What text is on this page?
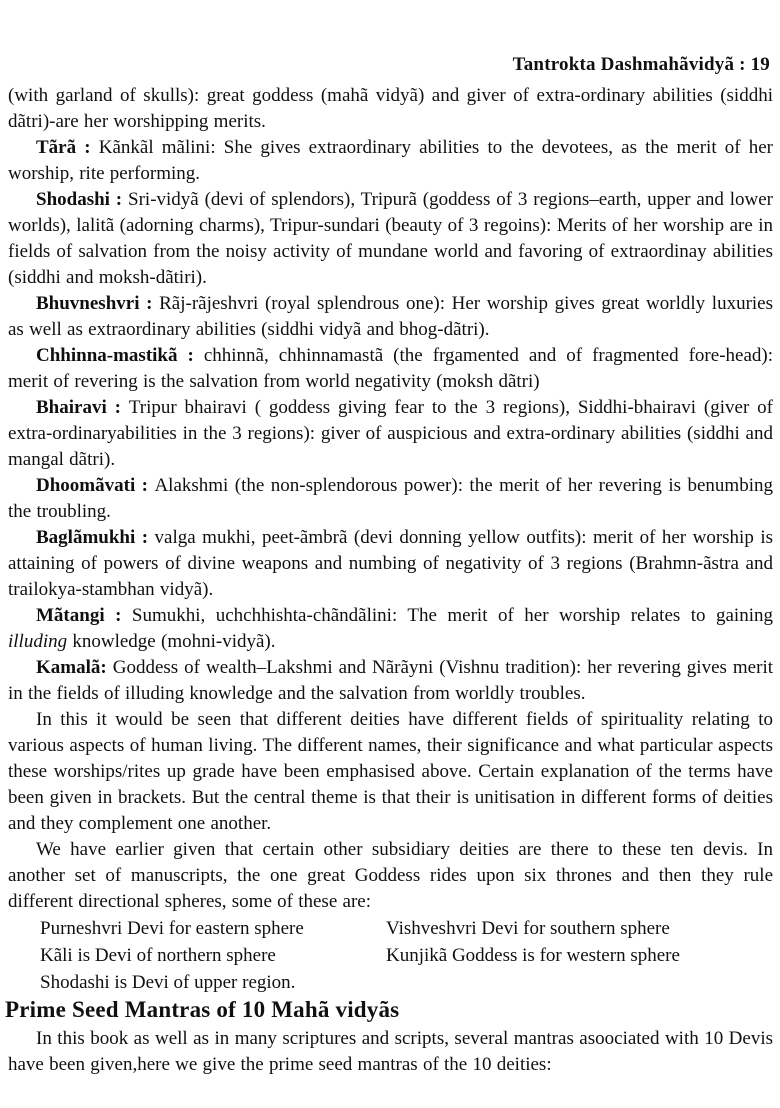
Tantrokta Dashmahãvidyã : 19

(with garland of skulls): great goddess (mahã vidyã) and giver of extra-ordinary abilities (siddhi dãtri)-are her worshipping merits.

Tãrã : Kãnkãl mãlini: She gives extraordinary abilities to the devotees, as the merit of her worship, rite performing.

Shodashi : Sri-vidyã (devi of splendors), Tripurã (goddess of 3 regions–earth, upper and lower worlds), lalitã (adorning charms), Tripur-sundari (beauty of 3 regoins): Merits of her worship are in fields of salvation from the noisy activity of mundane world and favoring of extraordinay abilities (siddhi and moksh-dãtiri).

Bhuvneshvri : Rãj-rãjeshvri (royal splendrous one): Her worship gives great worldly luxuries as well as extraordinary abilities (siddhi vidyã and bhog-dãtri).

Chhinna-mastikã : chhinnã, chhinnamastã (the frgamented and of fragmented fore-head): merit of revering is the salvation from world negativity (moksh dãtri)

Bhairavi : Tripur bhairavi ( goddess giving fear to the 3 regions), Siddhi-bhairavi (giver of extra-ordinaryabilities in the 3 regions): giver of auspicious and extra-ordinary abilities (siddhi and mangal dãtri).

Dhoomãvati : Alakshmi (the non-splendorous power): the merit of her revering is benumbing the troubling.

Baglãmukhi : valga mukhi, peet-ãmbrã (devi donning yellow outfits): merit of her worship is attaining of powers of divine weapons and numbing of negativity of 3 regions (Brahmn-ãstra and trailokya-stambhan vidyã).

Mãtangi : Sumukhi, uchchhishta-chãndãlini: The merit of her worship relates to gaining illuding knowledge (mohni-vidyã).

Kamalã: Goddess of wealth–Lakshmi and Nãrãyni (Vishnu tradition): her revering gives merit in the fields of illuding knowledge and the salvation from worldly troubles.

In this it would be seen that different deities have different fields of spirituality relating to various aspects of human living. The different names, their significance and what particular aspects these worships/rites up grade have been emphasised above. Certain explanation of the terms have been given in brackets. But the central theme is that their is unitisation in different forms of deities and they complement one another.

We have earlier given that certain other subsidiary deities are there to these ten devis. In another set of manuscripts, the one great Goddess rides upon six thrones and then they rule different directional spheres, some of these are:

Purneshvri Devi for eastern sphere	Vishveshvri Devi for southern sphere
Kãli is Devi of northern sphere	Kunjikã Goddess is for western sphere
Shodashi is Devi of upper region.
Prime Seed Mantras of 10 Mahã vidyãs

In this book as well as in many scriptures and scripts, several mantras asoociated with 10 Devis have been given,here we give the prime seed mantras of the 10 deities:
